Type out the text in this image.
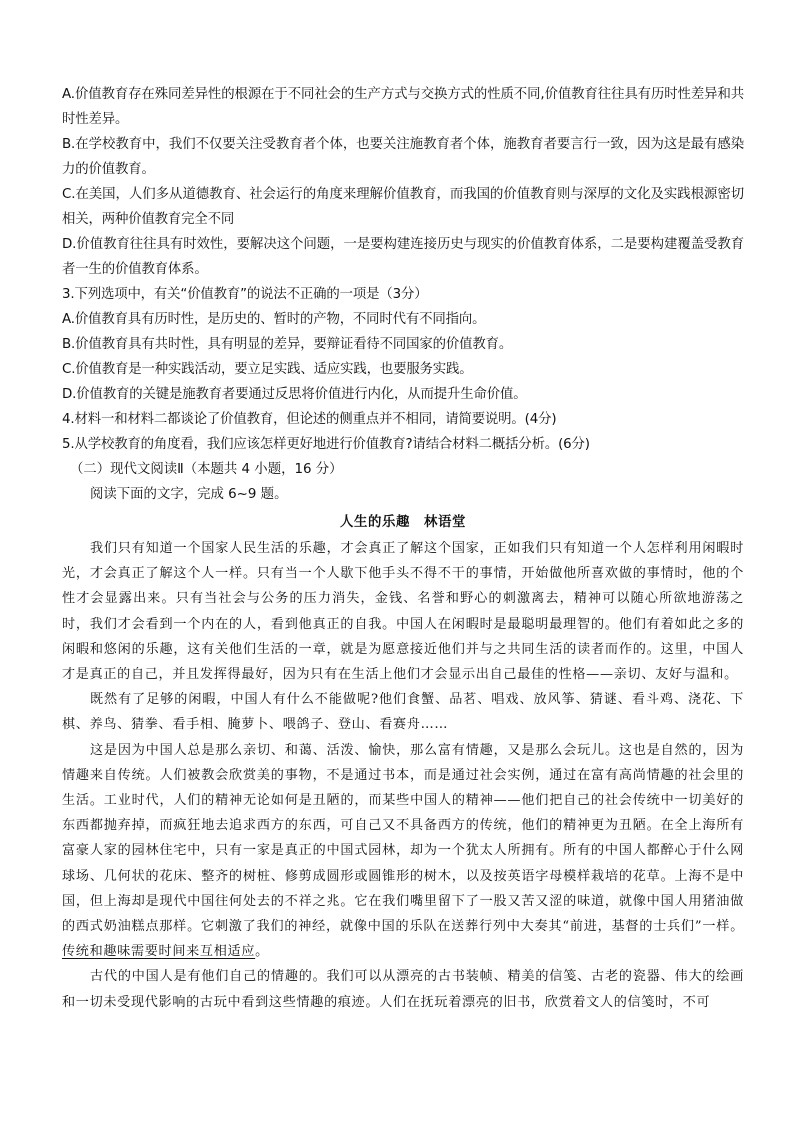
A.价值教育存在殊同差异性的根源在于不同社会的生产方式与交换方式的性质不同,价值教育往往具有历时性差异和共时性差异。

B.在学校教育中，我们不仅要关注受教育者个体，也要关注施教育者个体，施教育者要言行一致，因为这是最有感染力的价值教育。

C.在美国，人们多从道德教育、社会运行的角度来理解价值教育，而我国的价值教育则与深厚的文化及实践根源密切相关，两种价值教育完全不同

D.价值教育往往具有时效性，要解决这个问题，一是要构建连接历史与现实的价值教育体系，二是要构建覆盖受教育者一生的价值教育体系。

3.下列选项中，有关“价值教育”的说法不正确的一项是（3分）

A.价值教育具有历时性，是历史的、暂时的产物，不同时代有不同指向。

B.价值教育具有共时性，具有明显的差异，要辩证看待不同国家的价值教育。

C.价值教育是一种实践活动，要立足实践、适应实践，也要服务实践。

D.价值教育的关键是施教育者要通过反思将价值进行内化，从而提升生命价值。

4.材料一和材料二都谈论了价值教育，但论述的侧重点并不相同，请简要说明。(4分)

5.从学校教育的角度看，我们应该怎样更好地进行价值教育?请结合材料二概括分析。(6分)

（二）现代文阅读Ⅱ（本题共 4 小题，16 分）

阅读下面的文字，完成 6~9 题。

人生的乐趣 林语堂

我们只有知道一个国家人民生活的乐趣，才会真正了解这个国家，正如我们只有知道一个人怎样利用闲暇时光，才会真正了解这个人一样。只有当一个人歇下他手头不得不干的事情，开始做他所喜欢做的事情时，他的个性才会显露出来。只有当社会与公务的压力消失，金钱、名誉和野心的刺激离去，精神可以随心所欲地游荡之时，我们才会看到一个内在的人，看到他真正的自我。中国人在闲暇时是最聪明最理智的。他们有着如此之多的闲暇和悠闲的乐趣，这有关他们生活的一章，就是为愿意接近他们并与之共同生活的读者而作的。这里，中国人才是真正的自己，并且发挥得最好，因为只有在生活上他们才会显示出自己最佳的性格——亲切、友好与温和。

既然有了足够的闲暇，中国人有什么不能做呢?他们食蟹、品茗、唱戏、放风筝、猜谜、看斗鸡、浇花、下棋、养鸟、猜拳、看手相、腌萝卜、喂鸽子、登山、看赛舟……

这是因为中国人总是那么亲切、和蔼、活泼、愉快，那么富有情趣，又是那么会玩儿。这也是自然的，因为情趣来自传统。人们被教会欣赏美的事物，不是通过书本，而是通过社会实例，通过在富有高尚情趣的社会里的生活。工业时代，人们的精神无论如何是丑陋的，而某些中国人的精神——他们把自己的社会传统中一切美好的东西都抛弃掉，而疯狂地去追求西方的东西，可自己又不具备西方的传统，他们的精神更为丑陋。在全上海所有富豪人家的园林住宅中，只有一家是真正的中国式园林，却为一个犹太人所拥有。所有的中国人都醉心于什么网球场、几何状的花床、整齐的树桩、修剪成圆形或圆锥形的树木，以及按英语字母模样栽培的花草。上海不是中国，但上海却是现代中国往何处去的不祥之兆。它在我们嘴里留下了一股又苦又涩的味道，就像中国人用猪油做的西式奶油糕点那样。它刺激了我们的神经，就像中国的乐队在送葬行列中大奏其“前进，基督的士兵们”一样。传统和趣味需要时间来互相适应。

古代的中国人是有他们自己的情趣的。我们可以从漂亮的古书装帧、精美的信笺、古老的瓷器、伟大的绘画和一切未受现代影响的古玩中看到这些情趣的痕迹。人们在抚玩着漂亮的旧书，欣赏着文人的信笺时，不可
